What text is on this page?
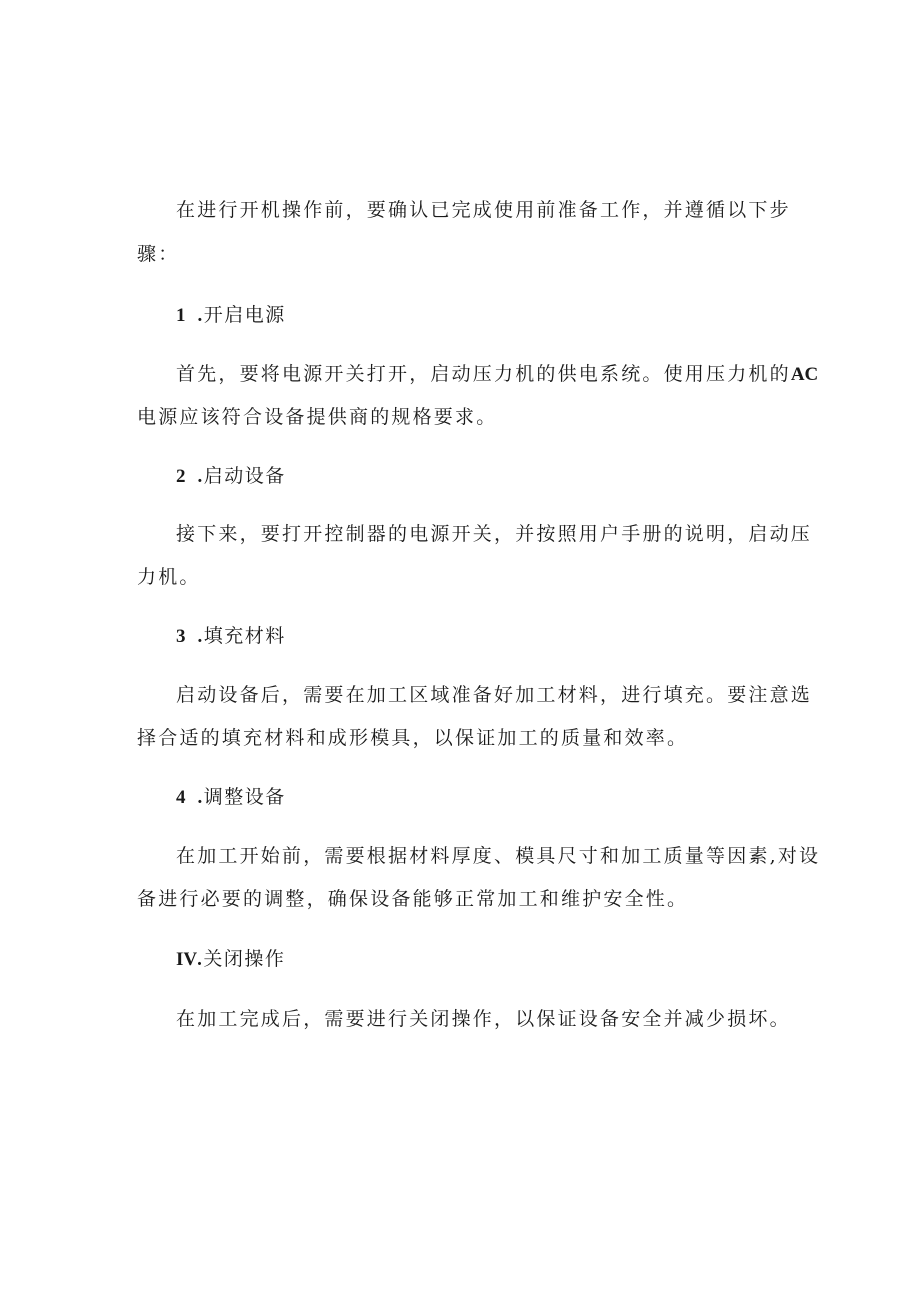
在进行开机操作前，要确认已完成使用前准备工作，并遵循以下步
骤：
1 .开启电源
首先，要将电源开关打开，启动压力机的供电系统。使用压力机的AC
电源应该符合设备提供商的规格要求。
2 .启动设备
接下来，要打开控制器的电源开关，并按照用户手册的说明，启动压
力机。
3 .填充材料
启动设备后，需要在加工区域准备好加工材料，进行填充。要注意选
择合适的填充材料和成形模具，以保证加工的质量和效率。
4 .调整设备
在加工开始前，需要根据材料厚度、模具尺寸和加工质量等因素,对设
备进行必要的调整，确保设备能够正常加工和维护安全性。
IV.关闭操作
在加工完成后，需要进行关闭操作，以保证设备安全并减少损坏。
